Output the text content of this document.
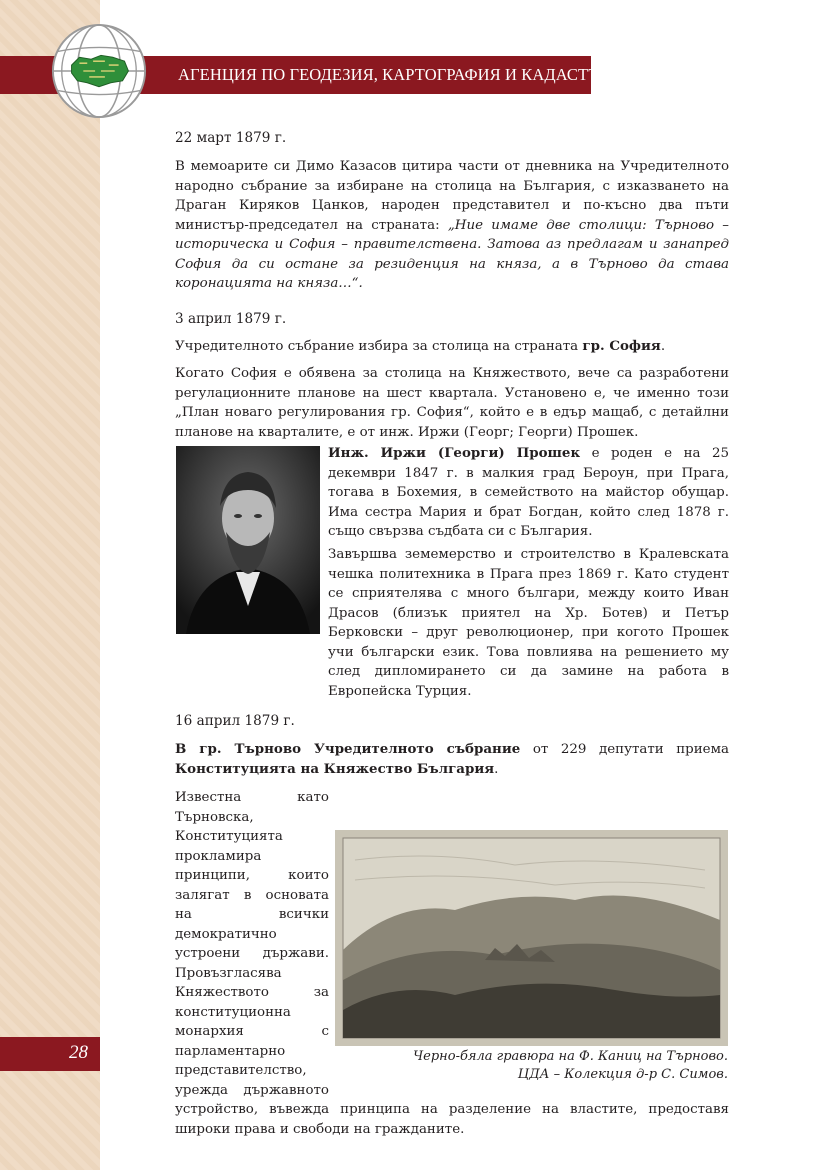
АГЕНЦИЯ ПО ГЕОДЕЗИЯ, КАРТОГРАФИЯ И КАДАСТЪР
22 март 1879 г.
В мемоарите си Димо Казасов цитира части от дневника на Учредителното народно събрание за избиране на столица на България, с изказването на Драган Киряков Цанков, народен представител и по-късно два пъти министър-председател на страната: „Ние имаме две столици: Търново – историческа и София – правителствена. Затова аз предлагам и занапред София да си остане за резиденция на княза, а в Търново да става коронацията на княза…“.
3 април 1879 г.
Учредителното събрание избира за столица на страната гр. София.
Когато София е обявена за столица на Княжеството, вече са разработени регулационните планове на шест квартала. Установено е, че именно този „План новаго регулирования гр. София“, който е в едър мащаб, с детайлни планове на кварталите, е от инж. Иржи (Георг; Георги) Прошек.
Инж. Иржи (Георги) Прошек е роден е на 25 декември 1847 г. в малкия град Бероун, при Прага, тогава в Бохемия, в семейството на майстор обущар. Има сестра Мария и брат Богдан, който след 1878 г. също свързва съдбата си с България.
Завършва земемерство и строителство в Кралевската чешка политехника в Прага през 1869 г. Като студент се сприятелява с много българи, между които Иван Драсов (близък приятел на Хр. Ботев) и Петър Берковски – друг революционер, при когото Прошек учи български език. Това повлиява на решението му след дипломирането си да замине на работа в Европейска Турция.
16 април 1879 г.
В гр. Търново Учредителното събрание от 229 депутати приема Конституцията на Княжество България.
Известна като Търновска, Конституцията прокламира принципи, които залягат в основата на всички демократично устроени държави. Провъзгласява Княжеството за конституционна монархия с парламентарно представителство, урежда държавното устройство, въвежда принципа на разделение на властите, предоставя широки права и свободи на гражданите.
Черно-бяла гравюра на Ф. Каниц на Търново.
ЦДА – Колекция д-р С. Симов.
28
